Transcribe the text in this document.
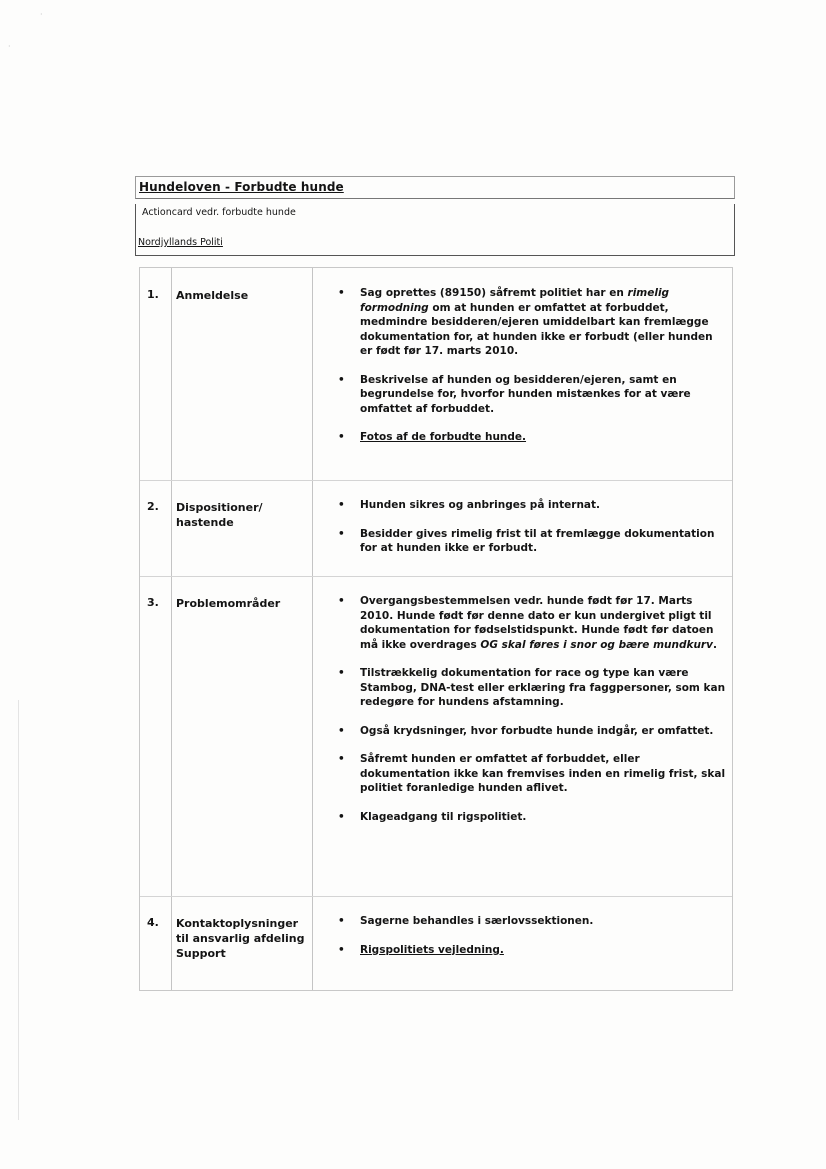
·
·
Hundeloven - Forbudte hunde
Actioncard vedr. forbudte hunde
Nordjyllands Politi
1. Anmeldelse	• Sag oprettes (89150) såfremt politiet har en rimelig formodning om at hunden er omfattet at forbuddet, medmindre besidderen/ejeren umiddelbart kan fremlægge dokumentation for, at hunden ikke er forbudt (eller hunden er født før 17. marts 2010.
• Beskrivelse af hunden og besidderen/ejeren, samt en begrundelse for, hvorfor hunden mistænkes for at være omfattet af forbuddet.
• Fotos af de forbudte hunde.
2. Dispositioner/ hastende
• Hunden sikres og anbringes på internat.
• Besidder gives rimelig frist til at fremlægge dokumentation for at hunden ikke er forbudt.
3. Problemområder	• Overgangsbestemmelsen vedr. hunde født før 17. Marts 2010. Hunde født før denne dato er kun undergivet pligt til dokumentation for fødselstidspunkt. Hunde født før datoen må ikke overdrages OG skal føres i snor og bære mundkurv.
• Tilstrækkelig dokumentation for race og type kan være Stambog, DNA-test eller erklæring fra faggpersoner, som kan redegøre for hundens afstamning.
• Også krydsninger, hvor forbudte hunde indgår, er omfattet.
• Såfremt hunden er omfattet af forbuddet, eller dokumentation ikke kan fremvises inden en rimelig frist, skal politiet foranledige hunden aflivet.
• Klageadgang til rigspolitiet.
4. Kontaktoplysninger til ansvarlig afdeling Support
• Sagerne behandles i særlovssektionen.
• Rigspolitiets vejledning.
